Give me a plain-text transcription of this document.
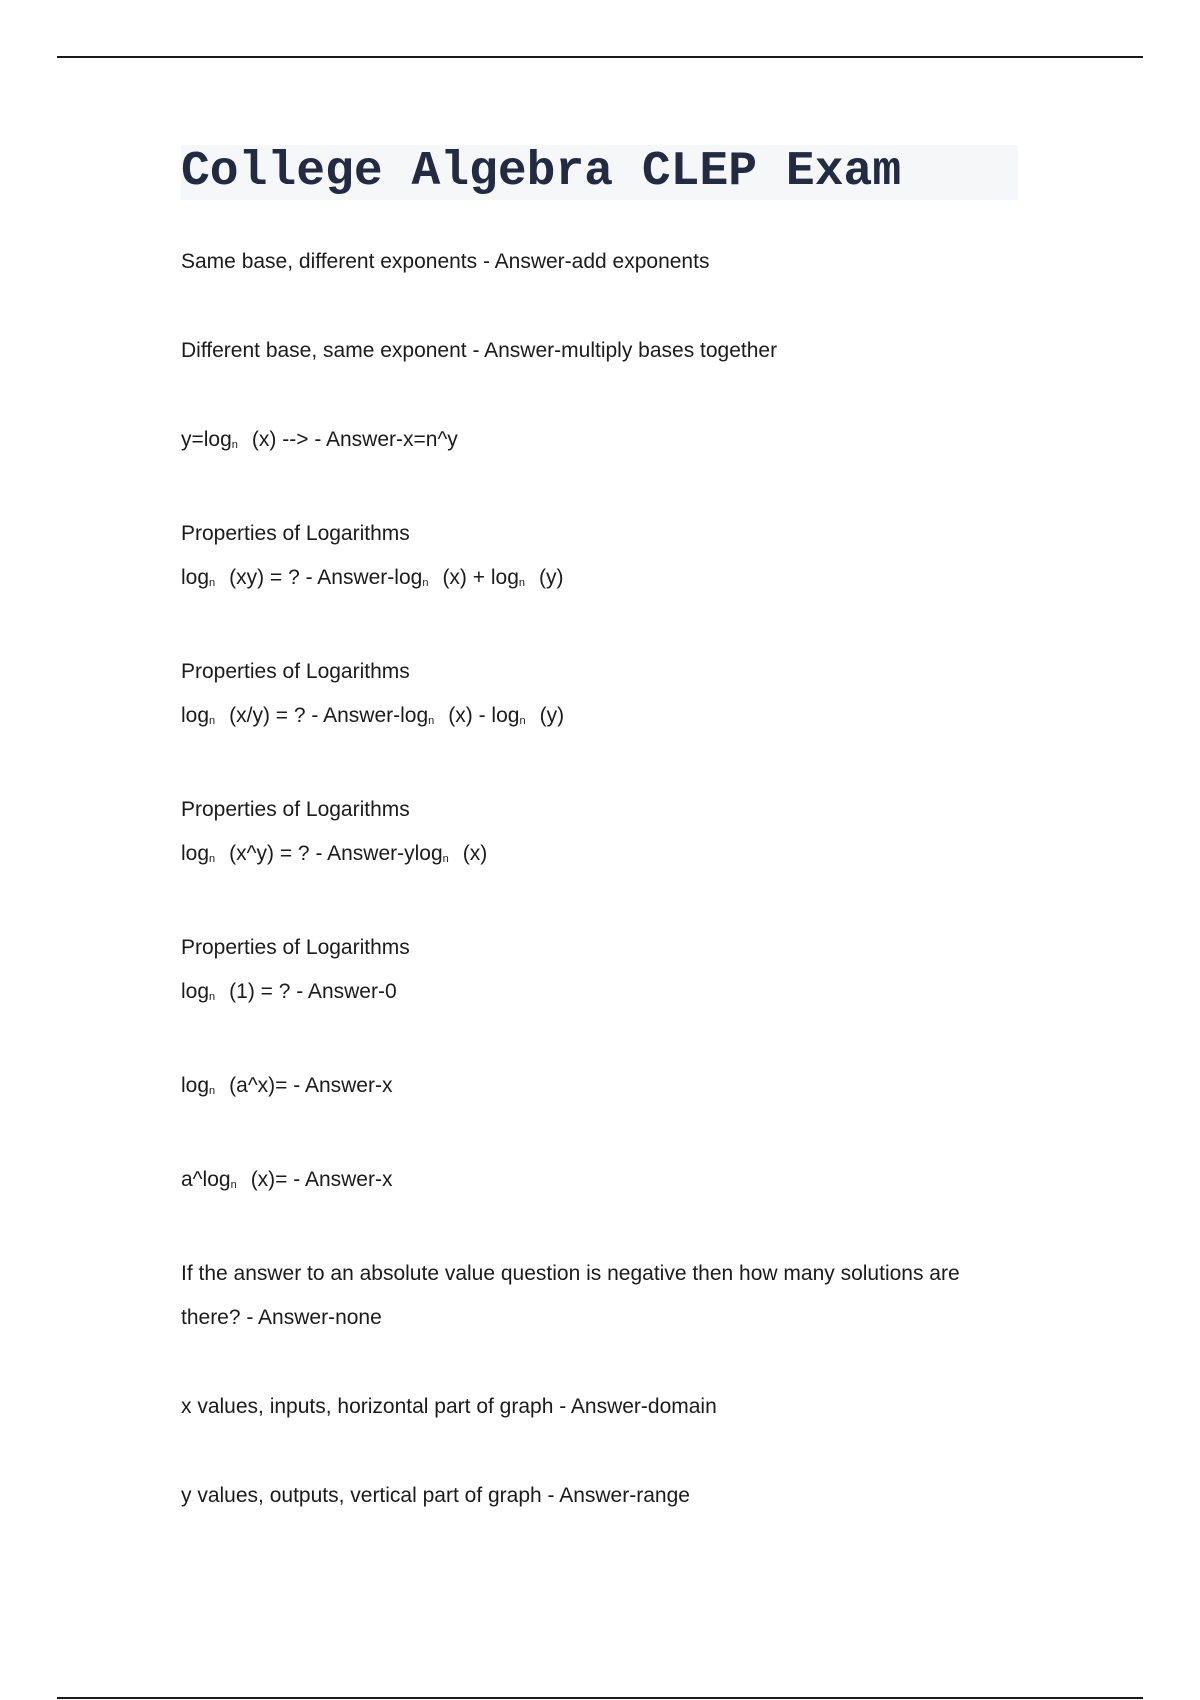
College Algebra CLEP Exam

Same base, different exponents - Answer-add exponents

Different base, same exponent - Answer-multiply bases together

$y=\log_n$ (x) --> - Answer-x=n^y

Properties of Logarithms
$\log_n (xy)$ = ? - Answer-$\log_n$ $(x) + \log_n (y)$

Properties of Logarithms
$\log_n (x/y)$ = ? - Answer-$\log_n$ $(x) - \log_n (y)$

Properties of Logarithms
$\log_n$ (x^y) = ? - Answer-ylog$_n$ (x)

Properties of Logarithms
$\log_n (1)$ = ? - Answer-0

$\log_n$ (a^x)= - Answer-x

$a\^{}\log_n$ (x)= - Answer-x

If the answer to an absolute value question is negative then how many solutions are there? - Answer-none

x values, inputs, horizontal part of graph - Answer-domain

y values, outputs, vertical part of graph - Answer-range
